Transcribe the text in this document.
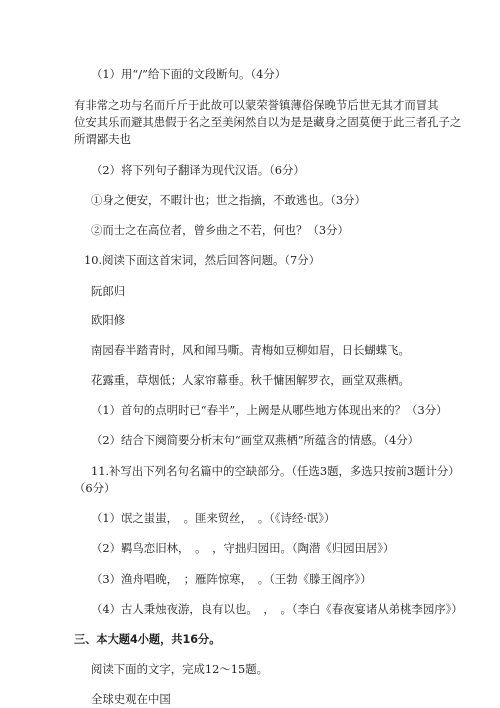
（1）用“/”给下面的文段断句。（4分）
有非常之功与名而斤斤于此故可以蒙荣誉镇薄俗保晚节后世无其才而冒其
位安其乐而避其患假于名之至美闲然自以为是是藏身之固莫便于此三者孔子之
所谓鄙夫也
（2）将下列句子翻译为现代汉语。（6分）
①身之便安，不暇计也；世之指摘，不敢逃也。（3分）
②而士之在高位者，曾乡曲之不若，何也？（3分）
10.阅读下面这首宋词，然后回答问题。（7分）
阮郎归
欧阳修
南园春半踏青时，风和闻马嘶。青梅如豆柳如眉，日长蝴蝶飞。
花露重，草烟低；人家帘幕垂。秋千慵困解罗衣，画堂双燕栖。
（1）首句的点明时已“春半”，上阙是从哪些地方体现出来的？（3分）
（2）结合下阕简要分析末句“画堂双燕栖”所蕴含的情感。（4分）
11.补写出下列名句名篇中的空缺部分。（任选3题，多选只按前3题计分）
（6分）
（1）氓之蚩蚩，　。匪来贸丝，　。（《诗经·氓》）
（2）羁鸟恋旧林，　。　，守拙归园田。（陶潜《归园田居》）
（3）渔舟唱晚，　；雁阵惊寒，　。（王勃《滕王阁序》）
（4）古人秉烛夜游，良有以也。　，　。（李白《春夜宴诸从弟桃李园序》）
三、本大题4小题，共16分。
阅读下面的文字，完成12～15题。
全球史观在中国
